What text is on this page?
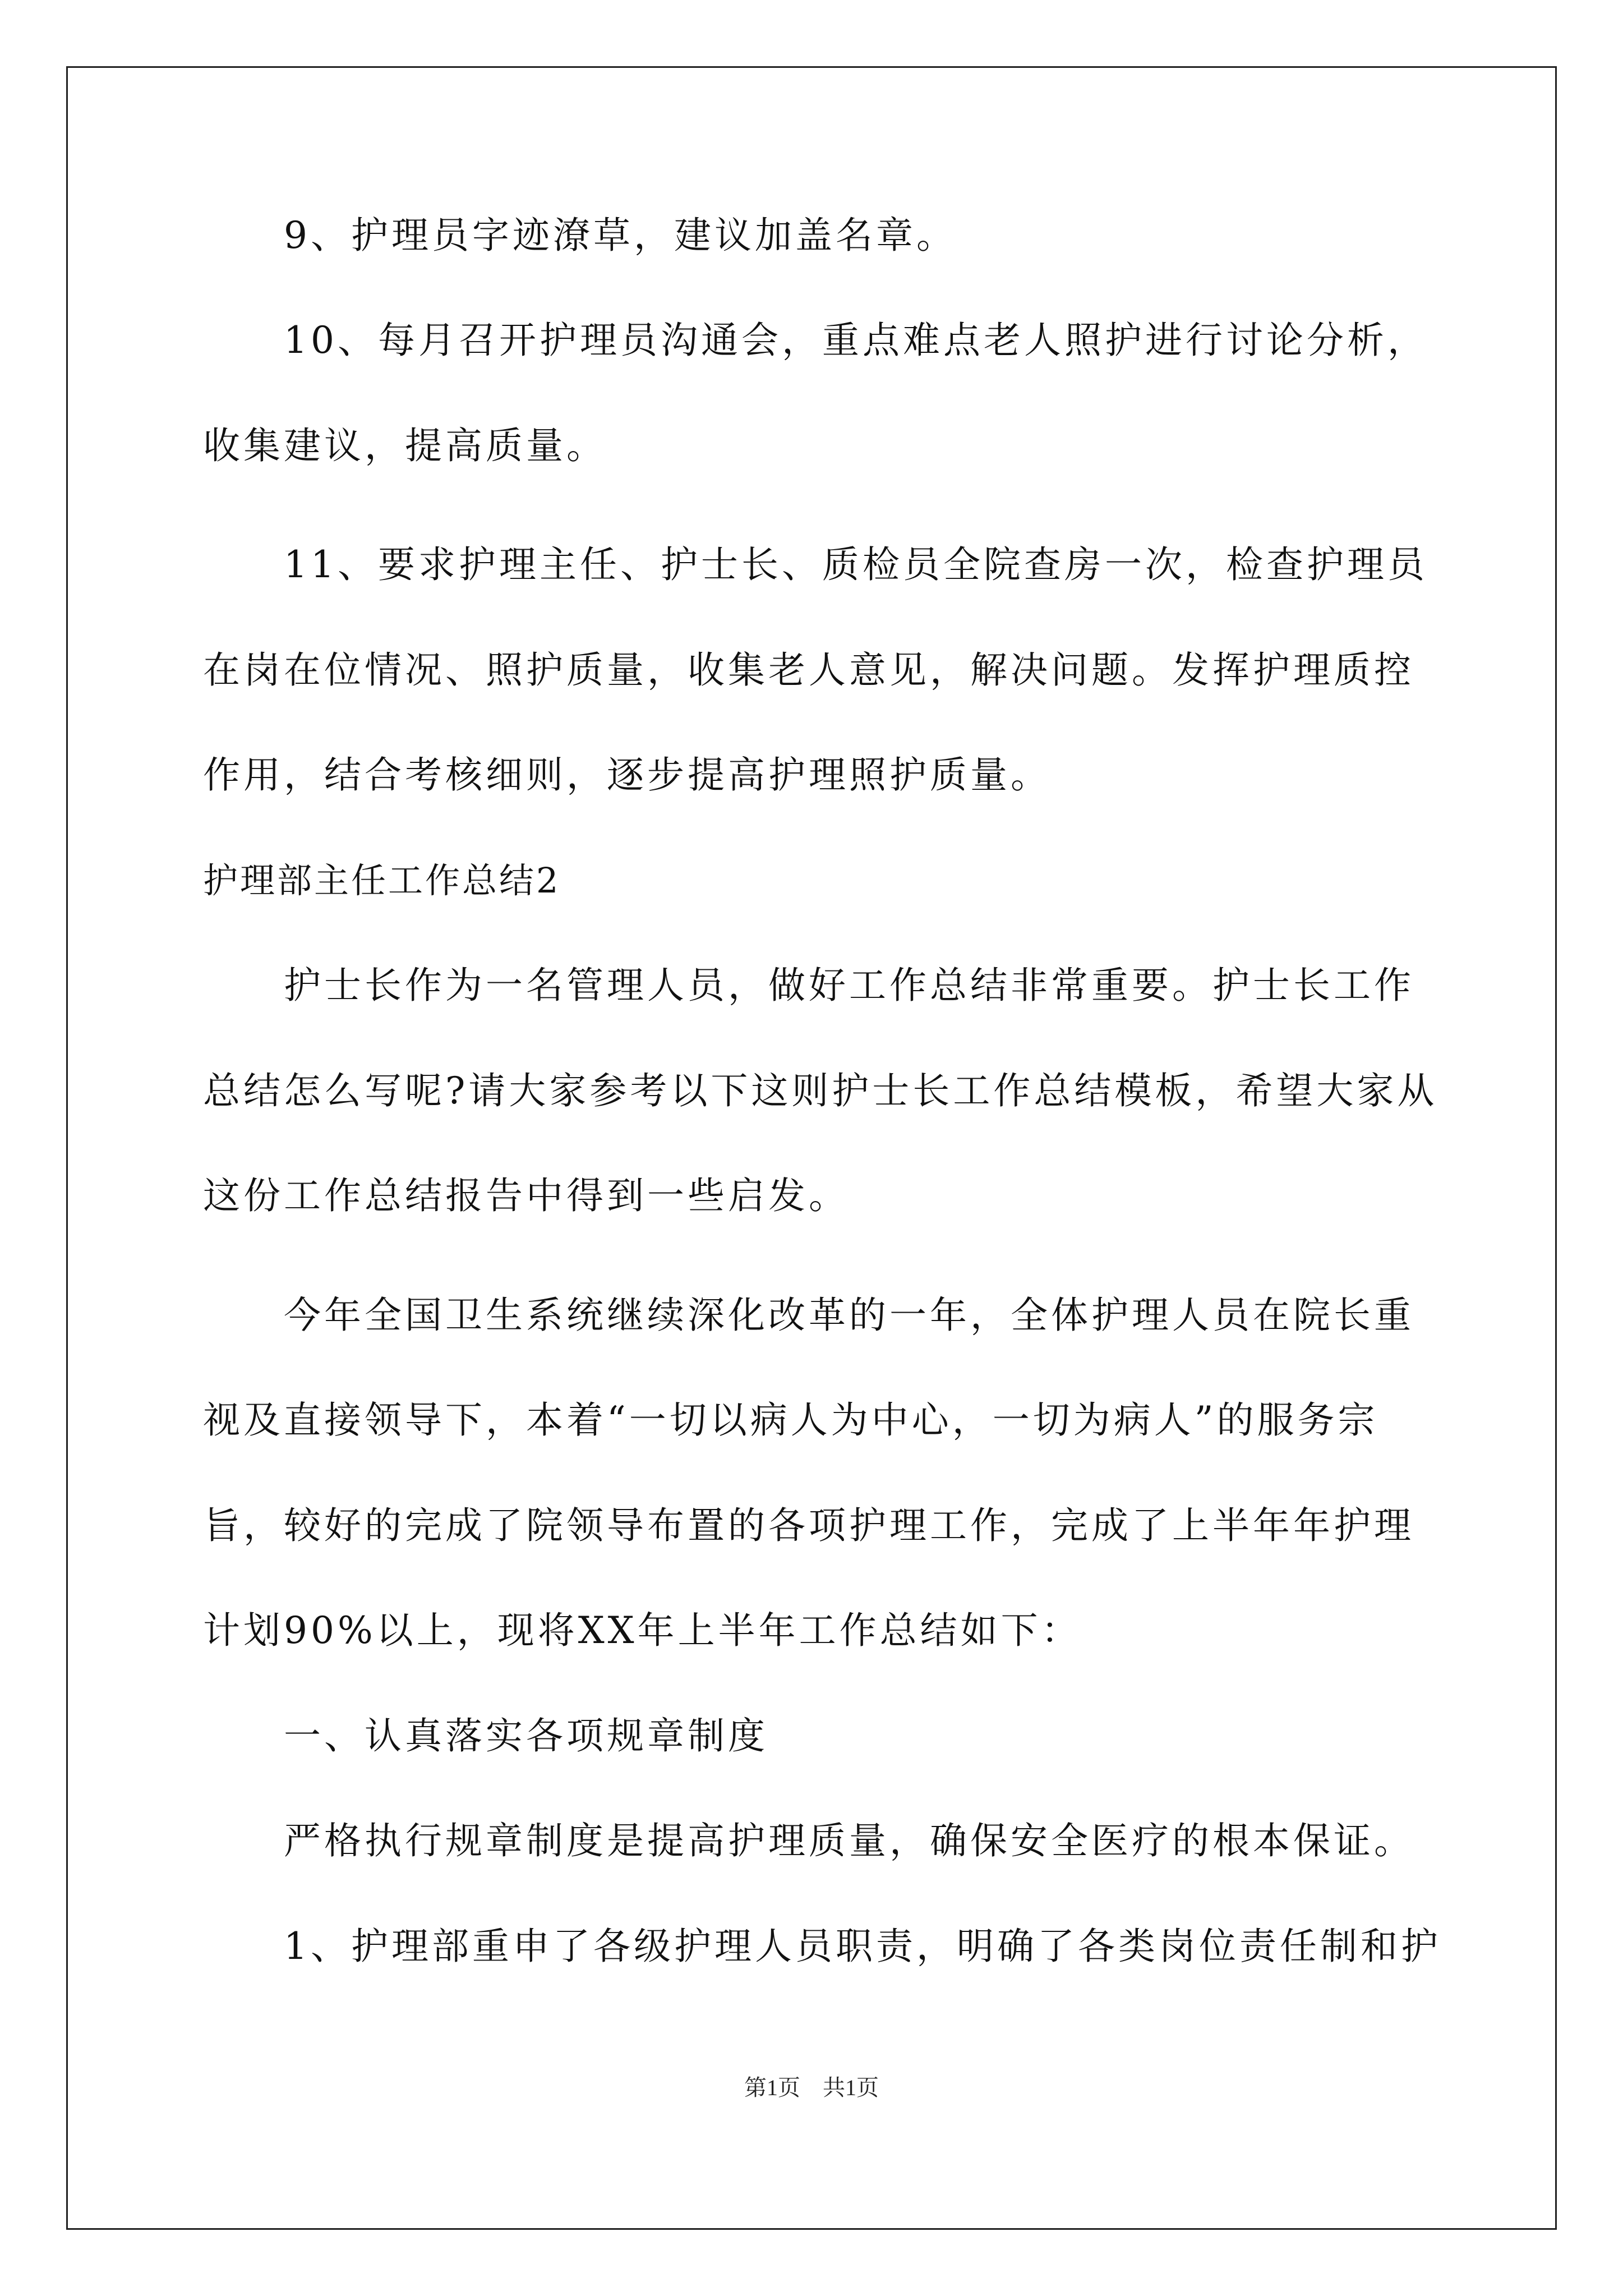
　　9、护理员字迹潦草，建议加盖名章。
　　10、每月召开护理员沟通会，重点难点老人照护进行讨论分析，
收集建议，提高质量。
　　11、要求护理主任、护士长、质检员全院查房一次，检查护理员
在岗在位情况、照护质量，收集老人意见，解决问题。发挥护理质控
作用，结合考核细则，逐步提高护理照护质量。
护理部主任工作总结2
　　护士长作为一名管理人员，做好工作总结非常重要。护士长工作
总结怎么写呢?请大家参考以下这则护士长工作总结模板，希望大家从
这份工作总结报告中得到一些启发。
　　今年全国卫生系统继续深化改革的一年，全体护理人员在院长重
视及直接领导下，本着“一切以病人为中心，一切为病人”的服务宗
旨，较好的完成了院领导布置的各项护理工作，完成了上半年年护理
计划90%以上，现将XX年上半年工作总结如下：
　　一、认真落实各项规章制度
　　严格执行规章制度是提高护理质量，确保安全医疗的根本保证。
　　1、护理部重申了各级护理人员职责，明确了各类岗位责任制和护
第1页　共1页
